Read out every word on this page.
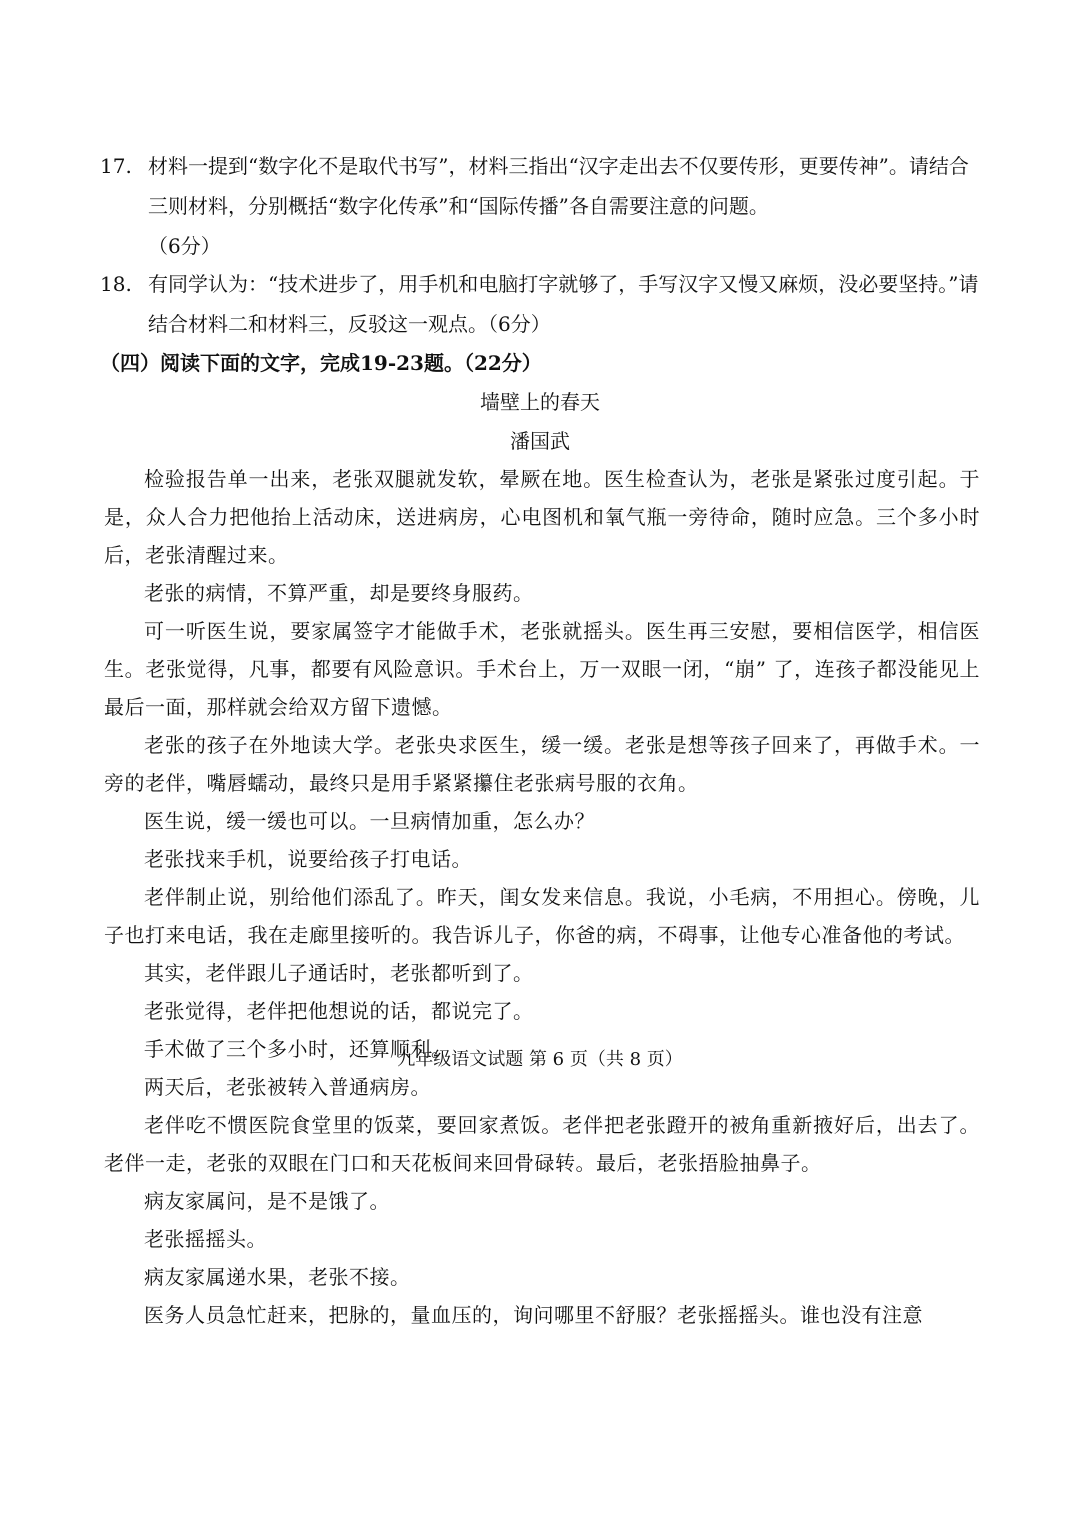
17. 材料一提到“数字化不是取代书写”，材料三指出“汉字走出去不仅要传形，更要传神”。请结合三则材料，分别概括“数字化传承”和“国际传播”各自需要注意的问题。
（6分）
18. 有同学认为：“技术进步了，用手机和电脑打字就够了，手写汉字又慢又麻烦，没必要坚持。”请结合材料二和材料三，反驳这一观点。（6分）
（四）阅读下面的文字，完成19-23题。（22分）
墙壁上的春天
潘国武

检验报告单一出来，老张双腿就发软，晕厥在地。医生检查认为，老张是紧张过度引起。于是，众人合力把他抬上活动床，送进病房，心电图机和氧气瓶一旁待命，随时应急。三个多小时后，老张清醒过来。

老张的病情，不算严重，却是要终身服药。

可一听医生说，要家属签字才能做手术，老张就摇头。医生再三安慰，要相信医学，相信医生。老张觉得，凡事，都要有风险意识。手术台上，万一双眼一闭，“崩” 了，连孩子都没能见上最后一面，那样就会给双方留下遗憾。

老张的孩子在外地读大学。老张央求医生，缓一缓。老张是想等孩子回来了，再做手术。一旁的老伴，嘴唇蠕动，最终只是用手紧紧攥住老张病号服的衣角。

医生说，缓一缓也可以。一旦病情加重，怎么办？

老张找来手机，说要给孩子打电话。

老伴制止说，别给他们添乱了。昨天，闺女发来信息。我说，小毛病，不用担心。傍晚，儿子也打来电话，我在走廊里接听的。我告诉儿子，你爸的病，不碍事，让他专心准备他的考试。

其实，老伴跟儿子通话时，老张都听到了。

老张觉得，老伴把他想说的话，都说完了。

手术做了三个多小时，还算顺利。

两天后，老张被转入普通病房。

老伴吃不惯医院食堂里的饭菜，要回家煮饭。老伴把老张蹬开的被角重新掖好后，出去了。老伴一走，老张的双眼在门口和天花板间来回骨碌转。最后，老张捂脸抽鼻子。

病友家属问，是不是饿了。

老张摇摇头。

病友家属递水果，老张不接。

医务人员急忙赶来，把脉的，量血压的，询问哪里不舒服？老张摇摇头。谁也没有注意

九年级语文试题 第 6 页（共 8 页）
